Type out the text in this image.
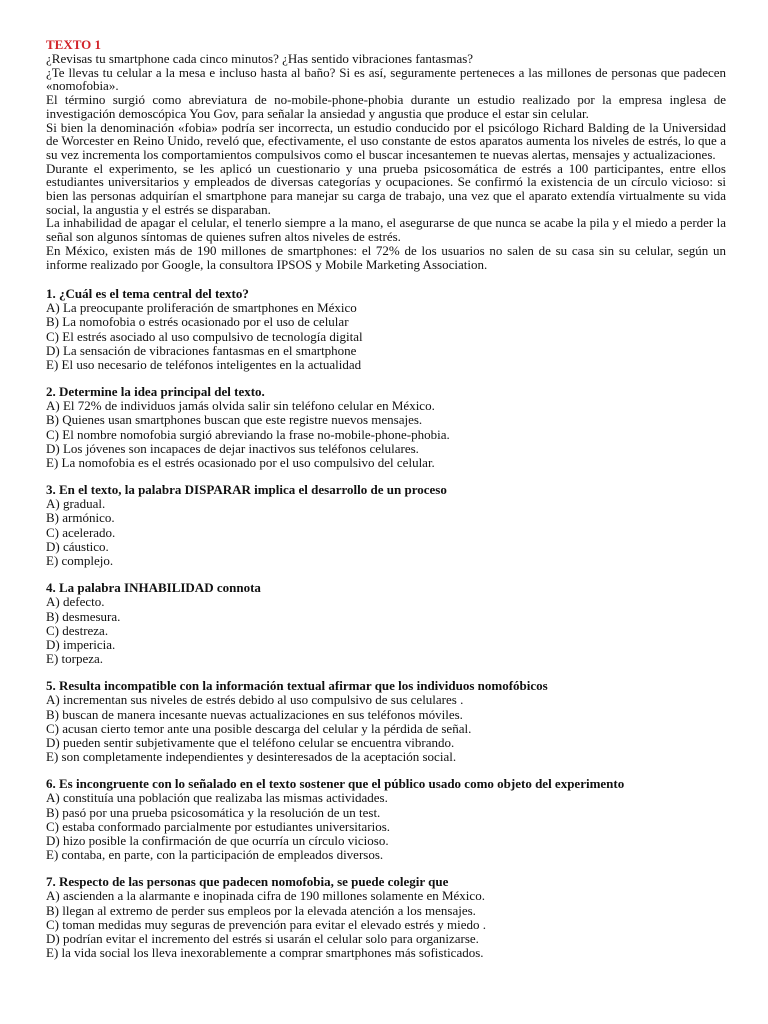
TEXTO 1

¿Revisas tu smartphone cada cinco minutos? ¿Has sentido vibraciones fantasmas?

¿Te llevas tu celular a la mesa e incluso hasta al baño? Si es así, seguramente perteneces a las millones de personas que padecen «nomofobia».

El término surgió como abreviatura de no-mobile-phone-phobia durante un estudio realizado por la empresa inglesa de investigación demoscópica You Gov, para señalar la ansiedad y angustia que produce el estar sin celular.

Si bien la denominación «fobia» podría ser incorrecta, un estudio conducido por el psicólogo Richard Balding de la Universidad de Worcester en Reino Unido, reveló que, efectivamente, el uso constante de estos aparatos aumenta los niveles de estrés, lo que a su vez incrementa los comportamientos compulsivos como el buscar incesantemen te nuevas alertas, mensajes y actualizaciones.

Durante el experimento, se les aplicó un cuestionario y una prueba psicosomática de estrés a 100 participantes, entre ellos estudiantes universitarios y empleados de diversas categorías y ocupaciones. Se confirmó la existencia de un círculo vicioso: si bien las personas adquirían el smartphone para manejar su carga de trabajo, una vez que el aparato extendía virtualmente su vida social, la angustia y el estrés se disparaban.

La inhabilidad de apagar el celular, el tenerlo siempre a la mano, el asegurarse de que nunca se acabe la pila y el miedo a perder la señal son algunos síntomas de quienes sufren altos niveles de estrés.

En México, existen más de 190 millones de smartphones: el 72% de los usuarios no salen de su casa sin su celular, según un informe realizado por Google, la consultora IPSOS y Mobile Marketing Association.

1. ¿Cuál es el tema central del texto?

A) La preocupante proliferación de smartphones en México

B) La nomofobia o estrés ocasionado por el uso de celular

C) El estrés asociado al uso compulsivo de tecnología digital

D) La sensación de vibraciones fantasmas en el smartphone

E) El uso necesario de teléfonos inteligentes en la actualidad

2. Determine la idea principal del texto.

A) El 72% de individuos jamás olvida salir sin teléfono celular en México.

B) Quienes usan smartphones buscan que este registre nuevos mensajes.

C) El nombre nomofobia surgió abreviando la frase no-mobile-phone-phobia.

D) Los jóvenes son incapaces de dejar inactivos sus teléfonos celulares.

E) La nomofobia es el estrés ocasionado por el uso compulsivo del celular.

3. En el texto, la palabra DISPARAR implica el desarrollo de un proceso

A) gradual.

B) armónico.

C) acelerado.

D) cáustico.

E) complejo.

4. La palabra INHABILIDAD connota

A) defecto.

B) desmesura.

C) destreza.

D) impericia.

E) torpeza.

5. Resulta incompatible con la información textual afirmar que los individuos nomofóbicos

A) incrementan sus niveles de estrés debido al uso compulsivo de sus celulares .

B) buscan de manera incesante nuevas actualizaciones en sus teléfonos móviles.

C) acusan cierto temor ante una posible descarga del celular y la pérdida de señal.

D) pueden sentir subjetivamente que el teléfono celular se encuentra vibrando.

E) son completamente independientes y desinteresados de la aceptación social.

6. Es incongruente con lo señalado en el texto sostener que el público usado como objeto del experimento

A) constituía una población que realizaba las mismas actividades.

B) pasó por una prueba psicosomática y la resolución de un test.

C) estaba conformado parcialmente por estudiantes universitarios.

D) hizo posible la confirmación de que ocurría un círculo vicioso.

E) contaba, en parte, con la participación de empleados diversos.

7. Respecto de las personas que padecen nomofobia, se puede colegir que

A) ascienden a la alarmante e inopinada cifra de 190 millones solamente en México.

B) llegan al extremo de perder sus empleos por la elevada atención a los mensajes.

C) toman medidas muy seguras de prevención para evitar el elevado estrés y miedo .

D) podrían evitar el incremento del estrés si usarán el celular solo para organizarse.

E) la vida social los lleva inexorablemente a comprar smartphones más sofisticados.
